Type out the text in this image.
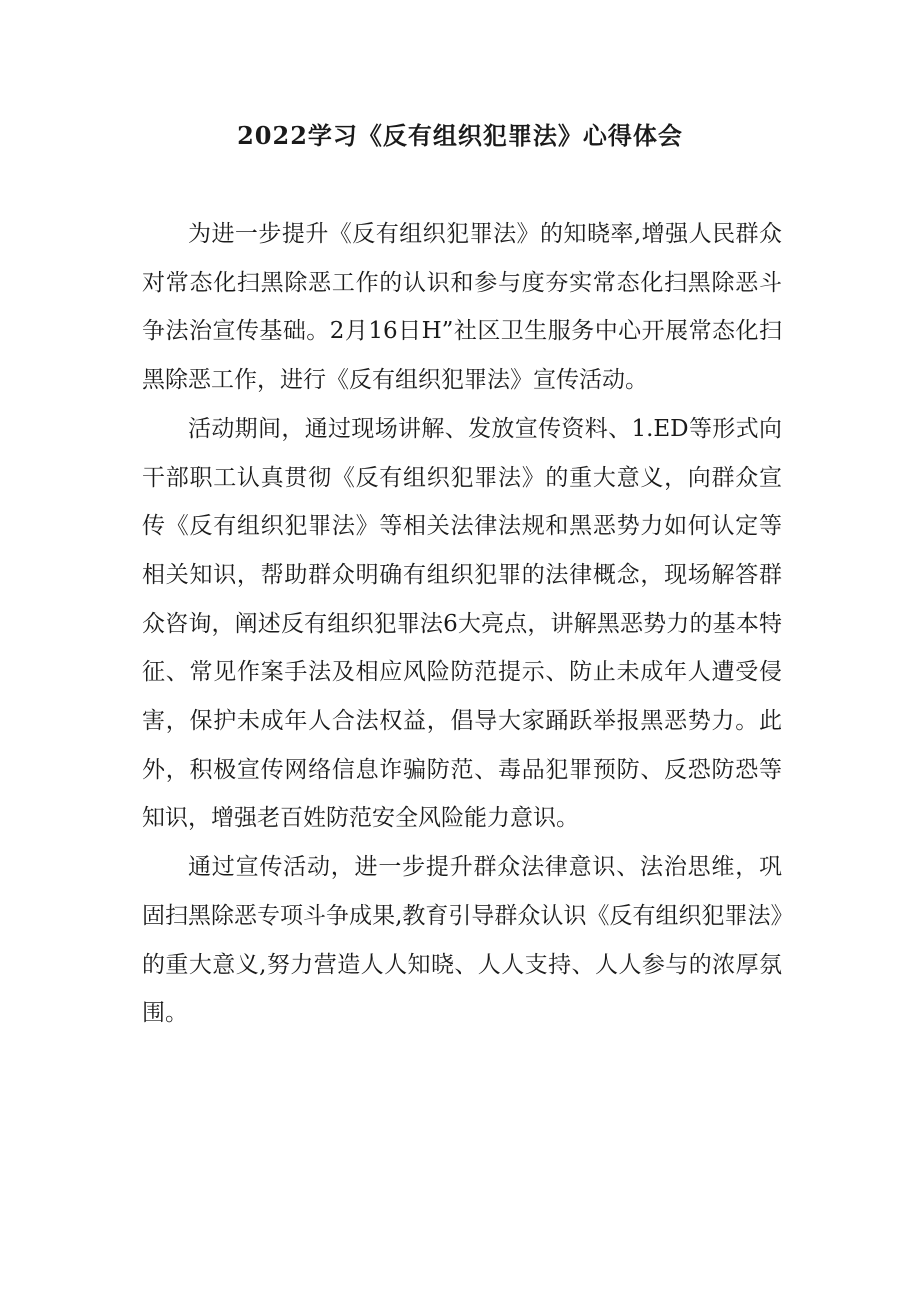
2022学习《反有组织犯罪法》心得体会

为进一步提升《反有组织犯罪法》的知晓率,增强人民群众对常态化扫黑除恶工作的认识和参与度夯实常态化扫黑除恶斗争法治宣传基础。2月16日H”社区卫生服务中心开展常态化扫黑除恶工作，进行《反有组织犯罪法》宣传活动。

活动期间，通过现场讲解、发放宣传资料、1.ED等形式向干部职工认真贯彻《反有组织犯罪法》的重大意义，向群众宣传《反有组织犯罪法》等相关法律法规和黑恶势力如何认定等相关知识，帮助群众明确有组织犯罪的法律概念，现场解答群众咨询，阐述反有组织犯罪法6大亮点，讲解黑恶势力的基本特征、常见作案手法及相应风险防范提示、防止未成年人遭受侵害，保护未成年人合法权益，倡导大家踊跃举报黑恶势力。此外，积极宣传网络信息诈骗防范、毒品犯罪预防、反恐防恐等知识，增强老百姓防范安全风险能力意识。

通过宣传活动，进一步提升群众法律意识、法治思维，巩固扫黑除恶专项斗争成果,教育引导群众认识《反有组织犯罪法》的重大意义,努力营造人人知晓、人人支持、人人参与的浓厚氛围。
